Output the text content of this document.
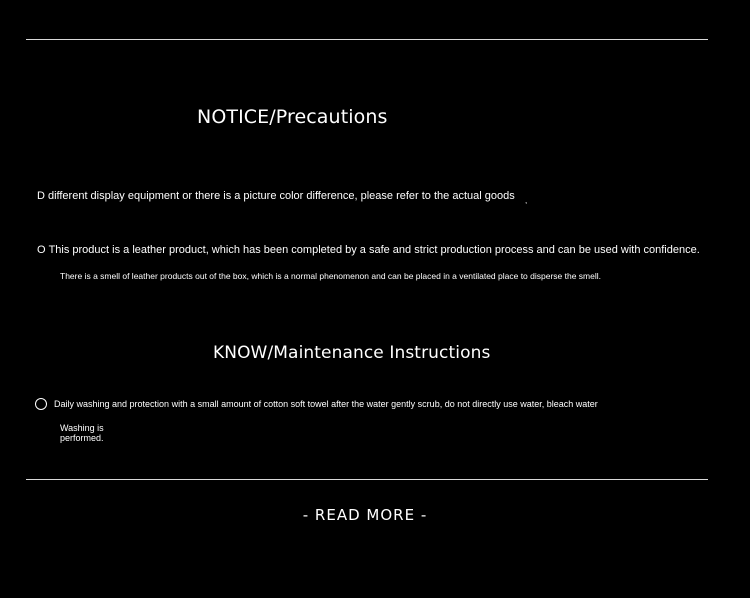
NOTICE/Precautions
D different display equipment or there is a picture color difference, please refer to the actual goods ,
O This product is a leather product, which has been completed by a safe and strict production process and can be used with confidence.
There is a smell of leather products out of the box, which is a normal phenomenon and can be placed in a ventilated place to disperse the smell.
KNOW/Maintenance Instructions
Daily washing and protection with a small amount of cotton soft towel after the water gently scrub, do not directly use water, bleach water
Washing is performed.
- READ MORE -
